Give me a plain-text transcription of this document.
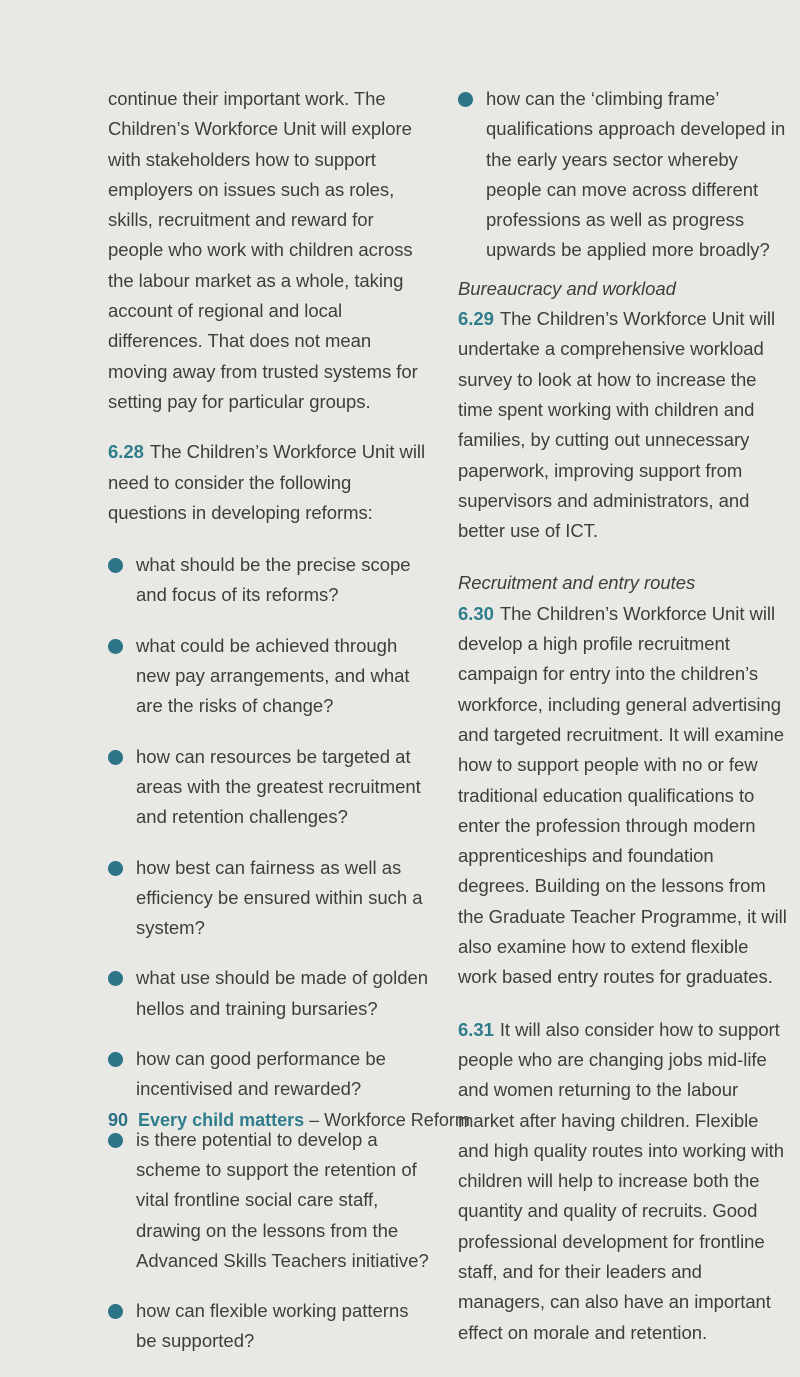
continue their important work. The Children’s Workforce Unit will explore with stakeholders how to support employers on issues such as roles, skills, recruitment and reward for people who work with children across the labour market as a whole, taking account of regional and local differences. That does not mean moving away from trusted systems for setting pay for particular groups.

6.28 The Children’s Workforce Unit will need to consider the following questions in developing reforms:

what should be the precise scope and focus of its reforms?
what could be achieved through new pay arrangements, and what are the risks of change?
how can resources be targeted at areas with the greatest recruitment and retention challenges?
how best can fairness as well as efficiency be ensured within such a system?
what use should be made of golden hellos and training bursaries?
how can good performance be incentivised and rewarded?
is there potential to develop a scheme to support the retention of vital frontline social care staff, drawing on the lessons from the Advanced Skills Teachers initiative?
how can flexible working patterns be supported?
how can the ‘climbing frame’ qualifications approach developed in the early years sector whereby people can move across different professions as well as progress upwards be applied more broadly?

Bureaucracy and workload

6.29 The Children’s Workforce Unit will undertake a comprehensive workload survey to look at how to increase the time spent working with children and families, by cutting out unnecessary paperwork, improving support from supervisors and administrators, and better use of ICT.

Recruitment and entry routes

6.30 The Children’s Workforce Unit will develop a high profile recruitment campaign for entry into the children’s workforce, including general advertising and targeted recruitment. It will examine how to support people with no or few traditional education qualifications to enter the profession through modern apprenticeships and foundation degrees. Building on the lessons from the Graduate Teacher Programme, it will also examine how to extend flexible work based entry routes for graduates.

6.31 It will also consider how to support people who are changing jobs mid-life and women returning to the labour market after having children. Flexible and high quality routes into working with children will help to increase both the quantity and quality of recruits. Good professional development for frontline staff, and for their leaders and managers, can also have an important effect on morale and retention.

90 Every child matters – Workforce Reform
